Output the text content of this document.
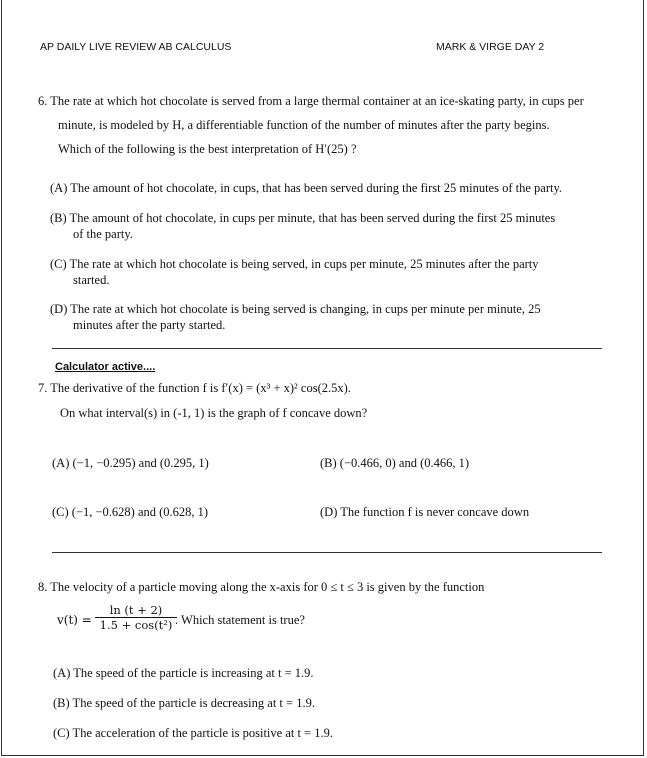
AP DAILY LIVE REVIEW AB CALCULUS	MARK & VIRGE DAY 2
6. The rate at which hot chocolate is served from a large thermal container at an ice-skating party, in cups per
minute, is modeled by H, a differentiable function of the number of minutes after the party begins.
Which of the following is the best interpretation of H′(25) ?
(A) The amount of hot chocolate, in cups, that has been served during the first 25 minutes of the party.
(B) The amount of hot chocolate, in cups per minute, that has been served during the first 25 minutes
of the party.
(C) The rate at which hot chocolate is being served, in cups per minute, 25 minutes after the party
started.
(D) The rate at which hot chocolate is being served is changing, in cups per minute per minute, 25
minutes after the party started.
Calculator active....
7. The derivative of the function f is f′(x) = (x³ + x)² cos(2.5x).
On what interval(s) in (-1, 1) is the graph of f concave down?
(A) (−1, −0.295) and (0.295, 1)	(B) (−0.466, 0) and (0.466, 1)
(C) (−1, −0.628) and (0.628, 1)	(D) The function f is never concave down
8. The velocity of a particle moving along the x-axis for 0 ≤ t ≤ 3 is given by the function
$v(t) = \frac{\ln (t + 2)}{\text{1.5 + cos(t²)}}$
. Which statement is true?
(A) The speed of the particle is increasing at t = 1.9.
(B) The speed of the particle is decreasing at t = 1.9.
(C) The acceleration of the particle is positive at t = 1.9.
